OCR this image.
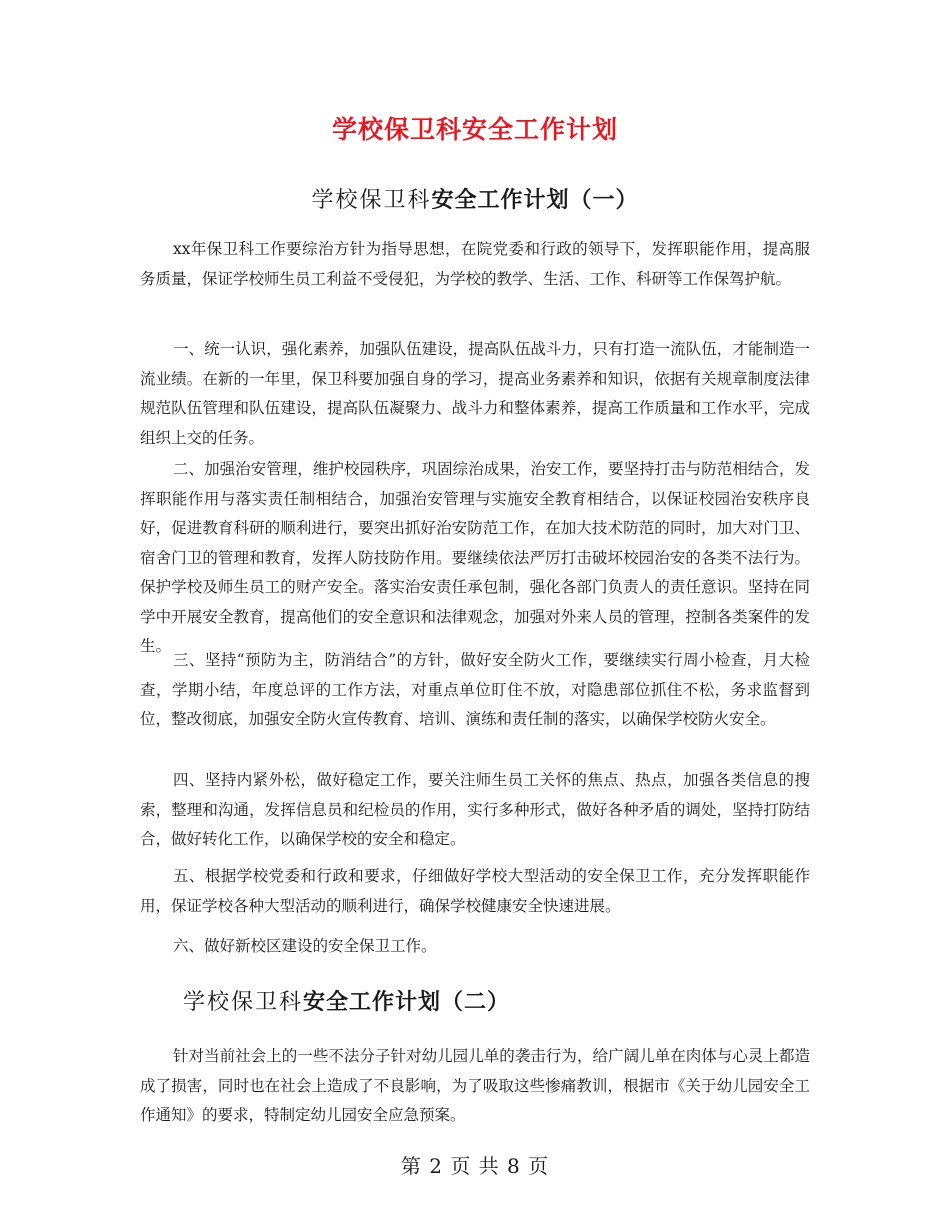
学校保卫科安全工作计划
学校保卫科安全工作计划（一）

xx年保卫科工作要综治方针为指导思想，在院党委和行政的领导下，发挥职能作用，提高服务质量，保证学校师生员工利益不受侵犯，为学校的教学、生活、工作、科研等工作保驾护航。

一、统一认识，强化素养，加强队伍建设，提高队伍战斗力，只有打造一流队伍，才能制造一流业绩。在新的一年里，保卫科要加强自身的学习，提高业务素养和知识，依据有关规章制度法律规范队伍管理和队伍建设，提高队伍凝聚力、战斗力和整体素养，提高工作质量和工作水平，完成组织上交的任务。

二、加强治安管理，维护校园秩序，巩固综治成果，治安工作，要坚持打击与防范相结合，发挥职能作用与落实责任制相结合，加强治安管理与实施安全教育相结合，以保证校园治安秩序良好，促进教育科研的顺利进行，要突出抓好治安防范工作，在加大技术防范的同时，加大对门卫、宿舍门卫的管理和教育，发挥人防技防作用。要继续依法严厉打击破坏校园治安的各类不法行为。保护学校及师生员工的财产安全。落实治安责任承包制，强化各部门负责人的责任意识。坚持在同学中开展安全教育，提高他们的安全意识和法律观念，加强对外来人员的管理，控制各类案件的发生。

三、坚持“预防为主，防消结合”的方针，做好安全防火工作，要继续实行周小检查，月大检查，学期小结，年度总评的工作方法，对重点单位盯住不放，对隐患部位抓住不松，务求监督到位，整改彻底，加强安全防火宣传教育、培训、演练和责任制的落实，以确保学校防火安全。

四、坚持内紧外松，做好稳定工作，要关注师生员工关怀的焦点、热点，加强各类信息的搜索，整理和沟通，发挥信息员和纪检员的作用，实行多种形式，做好各种矛盾的调处，坚持打防结合，做好转化工作，以确保学校的安全和稳定。

五、根据学校党委和行政和要求，仔细做好学校大型活动的安全保卫工作，充分发挥职能作用，保证学校各种大型活动的顺利进行，确保学校健康安全快速进展。

六、做好新校区建设的安全保卫工作。

学校保卫科安全工作计划（二）

针对当前社会上的一些不法分子针对幼儿园儿单的袭击行为，给广阔儿单在肉体与心灵上都造成了损害，同时也在社会上造成了不良影响，为了吸取这些惨痛教训，根据市《关于幼儿园安全工作通知》的要求，特制定幼儿园安全应急预案。

第 2 页 共 8 页
